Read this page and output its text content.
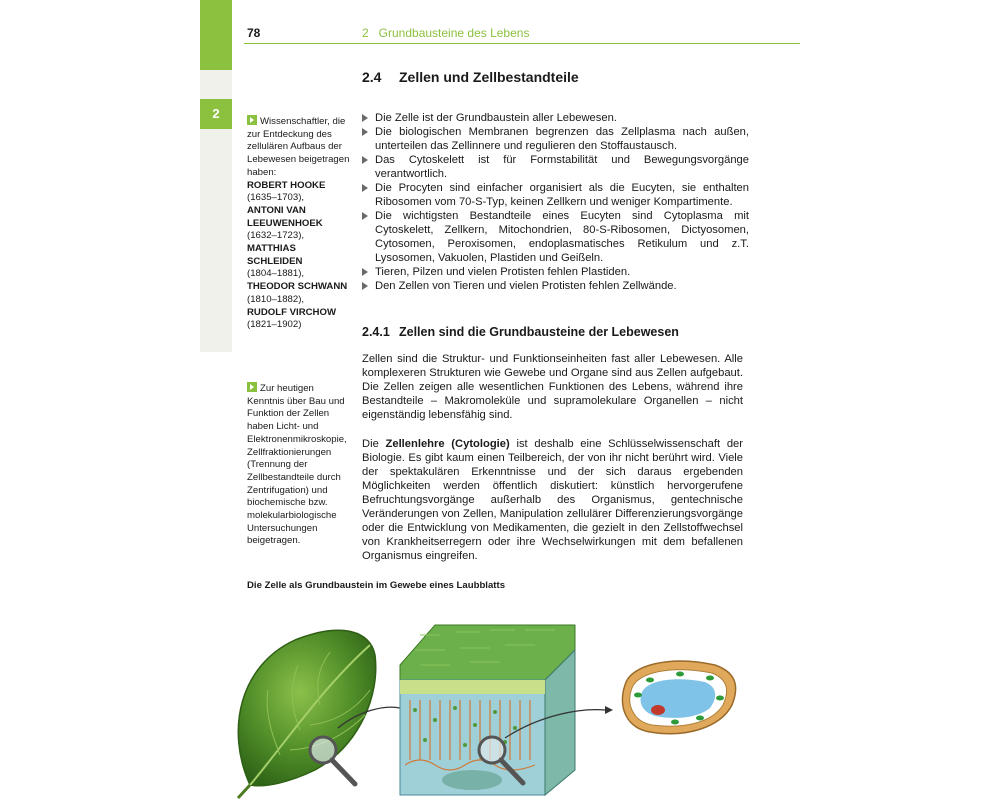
2
78	2   Grundbausteine des Lebens
2.4 Zellen und Zellbestandteile
Die Zelle ist der Grundbaustein aller Lebewesen.
Die biologischen Membranen begrenzen das Zellplasma nach außen, unterteilen das Zellinnere und regulieren den Stoffaustausch.
Das Cytoskelett ist für Formstabilität und Bewegungsvorgänge verantwortlich.
Die Procyten sind einfacher organisiert als die Eucyten, sie enthalten Ribosomen vom 70-S-Typ, keinen Zellkern und weniger Kompartimente.
Die wichtigsten Bestandteile eines Eucyten sind Cytoplasma mit Cytoskelett, Zellkern, Mitochondrien, 80-S-Ribosomen, Dictyosomen, Cytosomen, Peroxisomen, endoplasmatisches Retikulum und z.T. Lysosomen, Vakuolen, Plastiden und Geißeln.
Tieren, Pilzen und vielen Protisten fehlen Plastiden.
Den Zellen von Tieren und vielen Protisten fehlen Zellwände.
2.4.1 Zellen sind die Grundbausteine der Lebewesen

Zellen sind die Struktur- und Funktionseinheiten fast aller Lebewesen. Alle komplexeren Strukturen wie Gewebe und Organe sind aus Zellen aufgebaut. Die Zellen zeigen alle wesentlichen Funktionen des Lebens, während ihre Bestandteile – Makromoleküle und supramolekulare Organellen – nicht eigenständig lebensfähig sind.

Die Zellenlehre (Cytologie) ist deshalb eine Schlüsselwissenschaft der Biologie. Es gibt kaum einen Teilbereich, der von ihr nicht berührt wird. Viele der spektakulären Erkenntnisse und der sich daraus ergebenden Möglichkeiten werden öffentlich diskutiert: künstlich hervorgerufene Befruchtungsvorgänge außerhalb des Organismus, gentechnische Veränderungen von Zellen, Manipulation zellulärer Differenzierungsvorgänge oder die Entwicklung von Medikamenten, die gezielt in den Zellstoffwechsel von Krankheitserregern oder ihre Wechselwirkungen mit dem befallenen Organismus eingreifen.

Wissenschaftler, die zur Entdeckung des zellulären Aufbaus der Lebewesen beigetragen haben:
ROBERT HOOKE
(1635–1703),
ANTONI VAN LEEUWENHOEK
(1632–1723),
MATTHIAS SCHLEIDEN
(1804–1881),
THEODOR SCHWANN
(1810–1882),
RUDOLF VIRCHOW
(1821–1902)
Zur heutigen Kenntnis über Bau und Funktion der Zellen haben Licht- und Elektronenmikroskopie, Zellfraktionierungen (Trennung der Zellbestandteile durch Zentrifugation) und biochemische bzw. molekularbiologische Untersuchungen beigetragen.
Die Zelle als Grundbaustein im Gewebe eines Laubblatts
